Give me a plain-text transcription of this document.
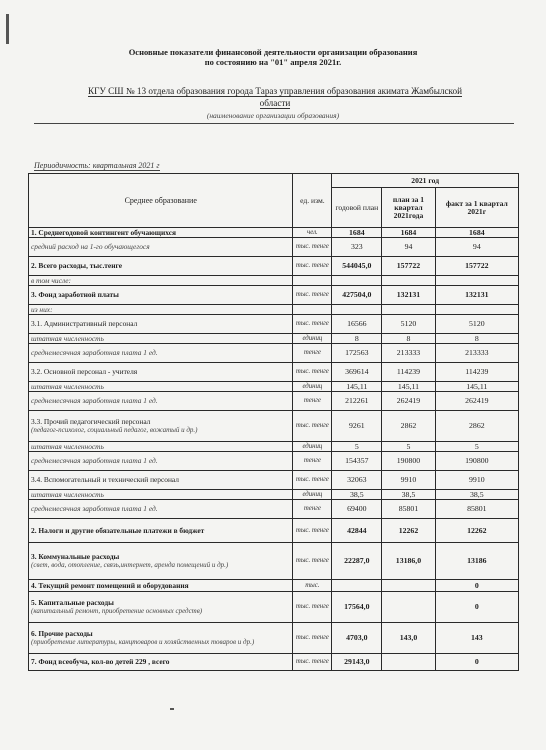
Основные показатели финансовой деятельности организации образования
по состоянию на "01" апреля 2021г.
КГУ СШ № 13 отдела образования города Тараз управления образования акимата Жамбылской
области
(наименование организации образования)
Периодичность: квартальная 2021 г
Среднее образование	ед. изм.	2021 год		
		годовой план	план за 1 квартал 2021года	факт за 1 квартал 2021г
1. Среднегодовой контингент обучающихся	чел.	1684	1684	1684
средний расход на 1-го обучающегося	тыс. тенге	323	94	94
2. Всего расходы, тыс.тенге	тыс. тенге	544045,0	157722	157722
в том числе:				
3. Фонд заработной платы	тыс. тенге	427504,0	132131	132131
из них:				
3.1. Административный персонал	тыс. тенге	16566	5120	5120
штатная численность	единиц	8	8	8
среднемесячная заработная плата 1 ед.	тенге	172563	213333	213333
3.2. Основной персонал - учителя	тыс. тенге	369614	114239	114239
штатная численность	единиц	145,11	145,11	145,11
среднемесячная заработная плата 1 ед.	тенге	212261	262419	262419
3.3. Прочий педагогический персонал
(педагог-психолог, социальный педагог, вожатый и др.)	тыс. тенге	9261	2862	2862
штатная численность	единиц	5	5	5
среднемесячная заработная плата 1 ед.	тенге	154357	190800	190800
3.4. Вспомогательный и технический персонал	тыс. тенге	32063	9910	9910
штатная численность	единиц	38,5	38,5	38,5
среднемесячная заработная плата 1 ед.	тенге	69400	85801	85801
2. Налоги и другие обязательные платежи в бюджет	тыс. тенге	42844	12262	12262
3. Коммунальные расходы
(свет, вода, отопление, связь,интернет, аренда помещений и др.)	тыс. тенге	22287,0	13186,0	13186
4. Текущий ремонт помещений и оборудования	тыс.			0
5. Капитальные расходы
(капитальный ремонт, приобретение основных средств)	тыс. тенге	17564,0		0
6. Прочие расходы
(приобретение литературы, канцтоваров и хозяйственных товаров и др.)	тыс. тенге	4703,0	143,0	143
7. Фонд всеобуча, кол-во детей 229 , всего	тыс. тенге	29143,0		0
